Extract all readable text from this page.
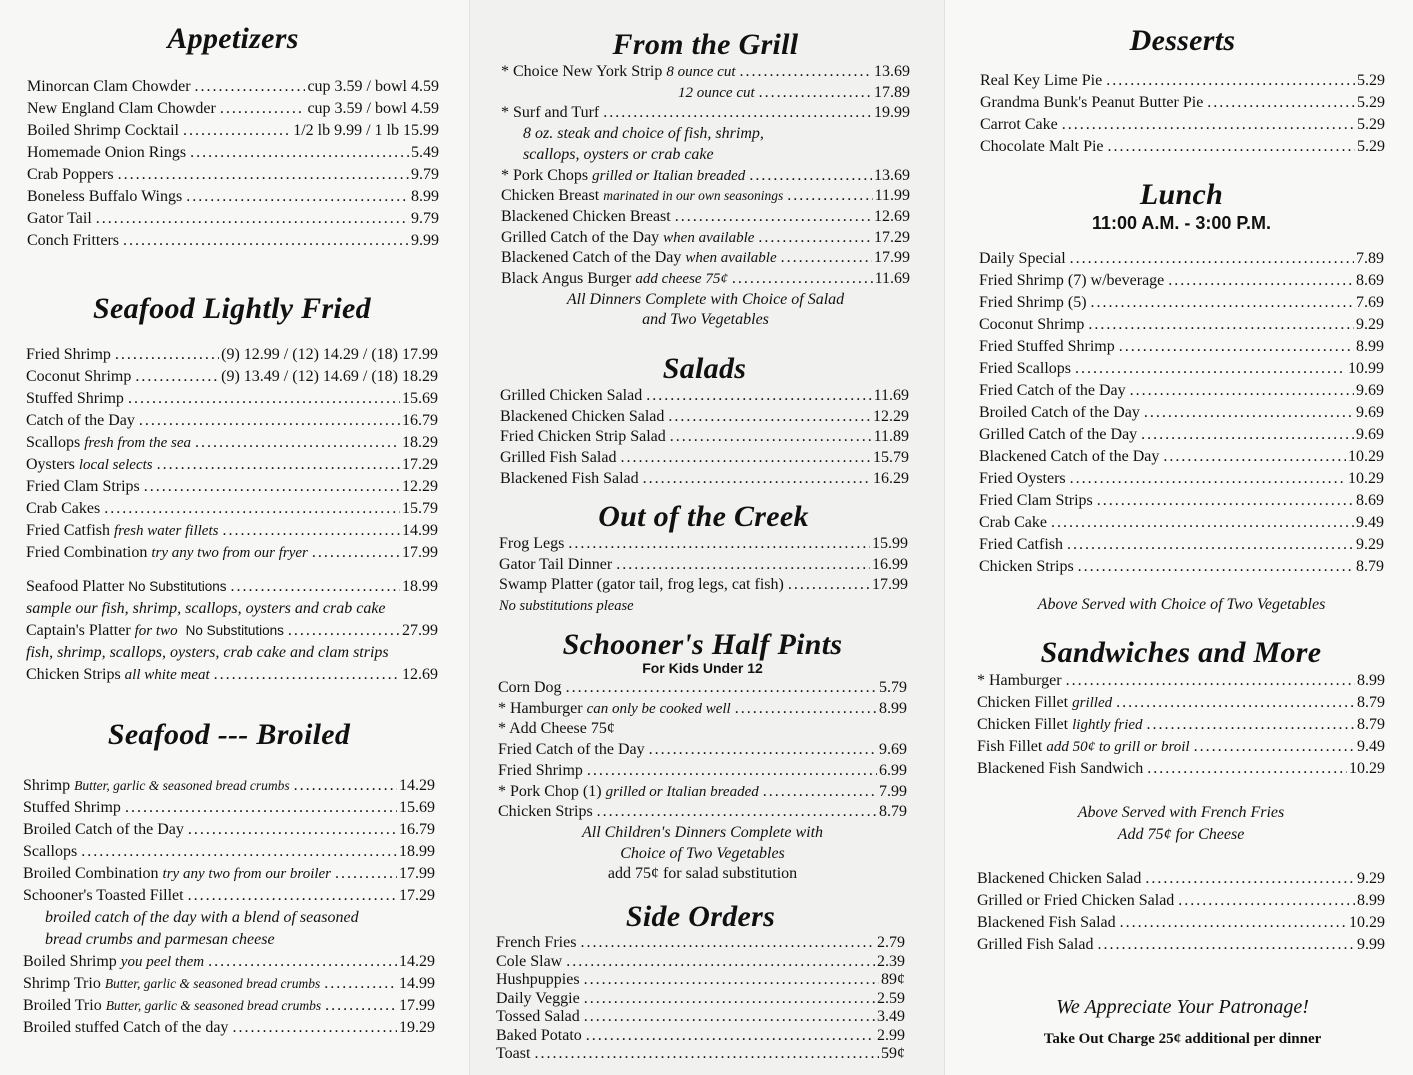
Appetizers
Minorcan Clam Chowder .....	cup 3.59 / bowl 4.59
New England Clam Chowder .....	cup 3.59 / bowl 4.59
Boiled Shrimp Cocktail .....	1/2 lb 9.99 / 1 lb 15.99
Homemade Onion Rings .....	5.49
Crab Poppers .....	9.79
Boneless Buffalo Wings .....	8.99
Gator Tail .....	9.79
Conch Fritters .....	9.99
Seafood Lightly Fried
Fried Shrimp .....	(9) 12.99 / (12) 14.29 / (18) 17.99
Coconut Shrimp .....	(9) 13.49 / (12) 14.69 / (18) 18.29
Stuffed Shrimp .....	15.69
Catch of the Day .....	16.79
Scallops fresh from the sea .....	18.29
Oysters local selects .....	17.29
Fried Clam Strips .....	12.29
Crab Cakes .....	15.79
Fried Catfish fresh water fillets .....	14.99
Fried Combination try any two from our fryer .....	17.99
Seafood Platter No Substitutions .....	18.99
sample our fish, shrimp, scallops, oysters and crab cake
Captain's Platter for two No Substitutions .....	27.99
fish, shrimp, scallops, oysters, crab cake and clam strips
Chicken Strips all white meat .....	12.69
Seafood --- Broiled
Shrimp Butter, garlic & seasoned bread crumbs .....	14.29
Stuffed Shrimp .....	15.69
Broiled Catch of the Day .....	16.79
Scallops .....	18.99
Broiled Combination try any two from our broiler .....	17.99
Schooner's Toasted Fillet .....	17.29
broiled catch of the day with a blend of seasoned
bread crumbs and parmesan cheese
Boiled Shrimp you peel them .....	14.29
Shrimp Trio Butter, garlic & seasoned bread crumbs .....	14.99
Broiled Trio Butter, garlic & seasoned bread crumbs .....	17.99
Broiled stuffed Catch of the day .....	19.29
From the Grill
* Choice New York Strip 8 ounce cut .....	13.69
12 ounce cut .....	17.89
* Surf and Turf .....	19.99
8 oz. steak and choice of fish, shrimp,
scallops, oysters or crab cake
* Pork Chops grilled or Italian breaded .....	13.69
Chicken Breast marinated in our own seasonings .....	11.99
Blackened Chicken Breast .....	12.69
Grilled Catch of the Day when available .....	17.29
Blackened Catch of the Day when available .....	17.99
Black Angus Burger add cheese 75¢ .....	11.69
All Dinners Complete with Choice of Salad
and Two Vegetables
Salads
Grilled Chicken Salad .....	11.69
Blackened Chicken Salad .....	12.29
Fried Chicken Strip Salad .....	11.89
Grilled Fish Salad .....	15.79
Blackened Fish Salad .....	16.29
Out of the Creek
Frog Legs .....	15.99
Gator Tail Dinner .....	16.99
Swamp Platter (gator tail, frog legs, cat fish) .....	17.99
No substitutions please
Schooner's Half Pints
For Kids Under 12
Corn Dog .....	5.79
* Hamburger can only be cooked well .....	8.99
* Add Cheese 75¢
Fried Catch of the Day .....	9.69
Fried Shrimp .....	6.99
* Pork Chop (1) grilled or Italian breaded .....	7.99
Chicken Strips .....	8.79
All Children's Dinners Complete with
Choice of Two Vegetables
add 75¢ for salad substitution
Side Orders
French Fries .....	2.79
Cole Slaw .....	2.39
Hushpuppies .....	89¢
Daily Veggie .....	2.59
Tossed Salad .....	3.49
Baked Potato .....	2.99
Toast .....	59¢
Desserts
Real Key Lime Pie .....	5.29
Grandma Bunk's Peanut Butter Pie .....	5.29
Carrot Cake .....	5.29
Chocolate Malt Pie .....	5.29
Lunch
11:00 A.M. - 3:00 P.M.
Daily Special .....	7.89
Fried Shrimp (7) w/beverage .....	8.69
Fried Shrimp (5) .....	7.69
Coconut Shrimp .....	9.29
Fried Stuffed Shrimp .....	8.99
Fried Scallops .....	10.99
Fried Catch of the Day .....	9.69
Broiled Catch of the Day .....	9.69
Grilled Catch of the Day .....	9.69
Blackened Catch of the Day .....	10.29
Fried Oysters .....	10.29
Fried Clam Strips .....	8.69
Crab Cake .....	9.49
Fried Catfish .....	9.29
Chicken Strips .....	8.79
Above Served with Choice of Two Vegetables
Sandwiches and More
* Hamburger .....	8.99
Chicken Fillet grilled .....	8.79
Chicken Fillet lightly fried .....	8.79
Fish Fillet add 50¢ to grill or broil .....	9.49
Blackened Fish Sandwich .....	10.29
Above Served with French Fries
Add 75¢ for Cheese
Blackened Chicken Salad .....	9.29
Grilled or Fried Chicken Salad .....	8.99
Blackened Fish Salad .....	10.29
Grilled Fish Salad .....	9.99
We Appreciate Your Patronage!
Take Out Charge 25¢ additional per dinner
